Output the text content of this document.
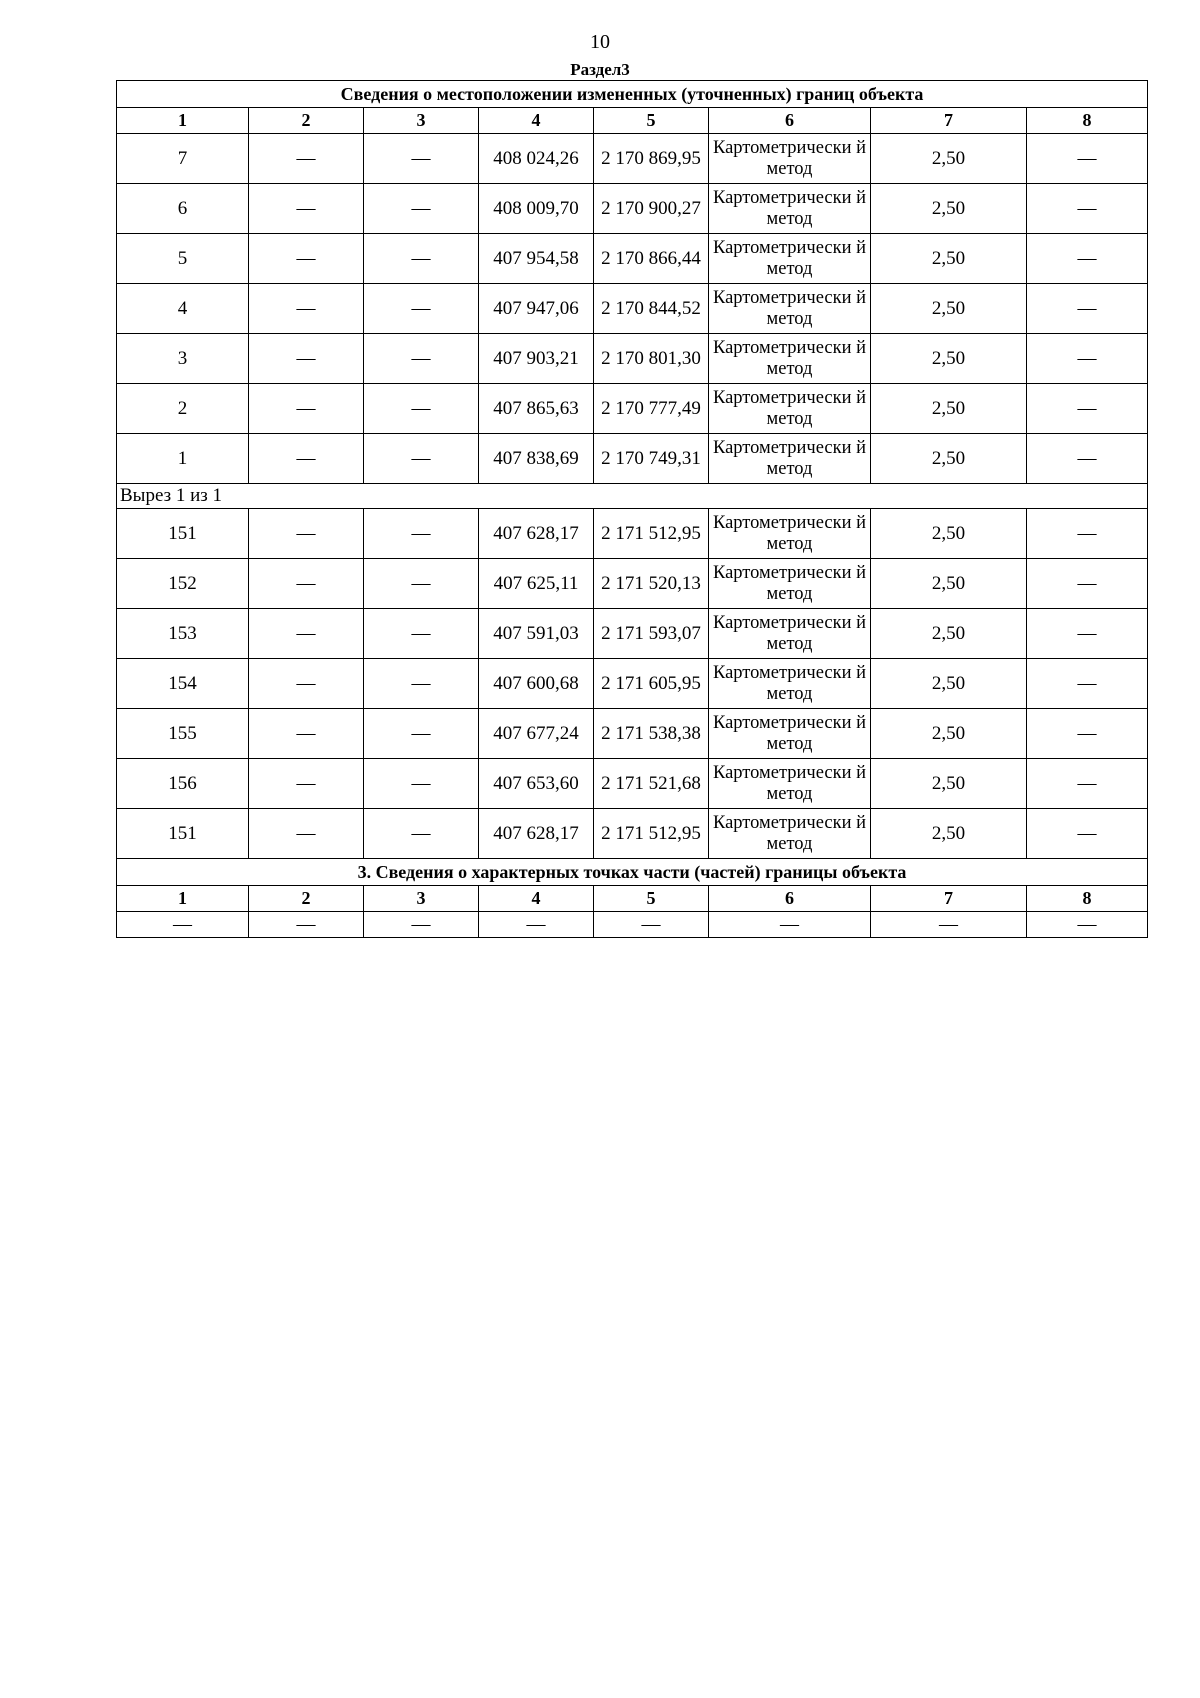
10
Раздел3
Сведения о местоположении измененных (уточненных) границ объекта							
1	2	3	4	5	6	7	8
7	—	—	408 024,26	2 170 869,95	Картометрически й метод	2,50	—
6	—	—	408 009,70	2 170 900,27	Картометрически й метод	2,50	—
5	—	—	407 954,58	2 170 866,44	Картометрически й метод	2,50	—
4	—	—	407 947,06	2 170 844,52	Картометрически й метод	2,50	—
3	—	—	407 903,21	2 170 801,30	Картометрически й метод	2,50	—
2	—	—	407 865,63	2 170 777,49	Картометрически й метод	2,50	—
1	—	—	407 838,69	2 170 749,31	Картометрически й метод	2,50	—
Вырез 1 из 1							
151	—	—	407 628,17	2 171 512,95	Картометрически й метод	2,50	—
152	—	—	407 625,11	2 171 520,13	Картометрически й метод	2,50	—
153	—	—	407 591,03	2 171 593,07	Картометрически й метод	2,50	—
154	—	—	407 600,68	2 171 605,95	Картометрически й метод	2,50	—
155	—	—	407 677,24	2 171 538,38	Картометрически й метод	2,50	—
156	—	—	407 653,60	2 171 521,68	Картометрически й метод	2,50	—
151	—	—	407 628,17	2 171 512,95	Картометрически й метод	2,50	—
3. Сведения о характерных точках части (частей) границы объекта							
1	2	3	4	5	6	7	8
—	—	—	—	—	—	—	—
